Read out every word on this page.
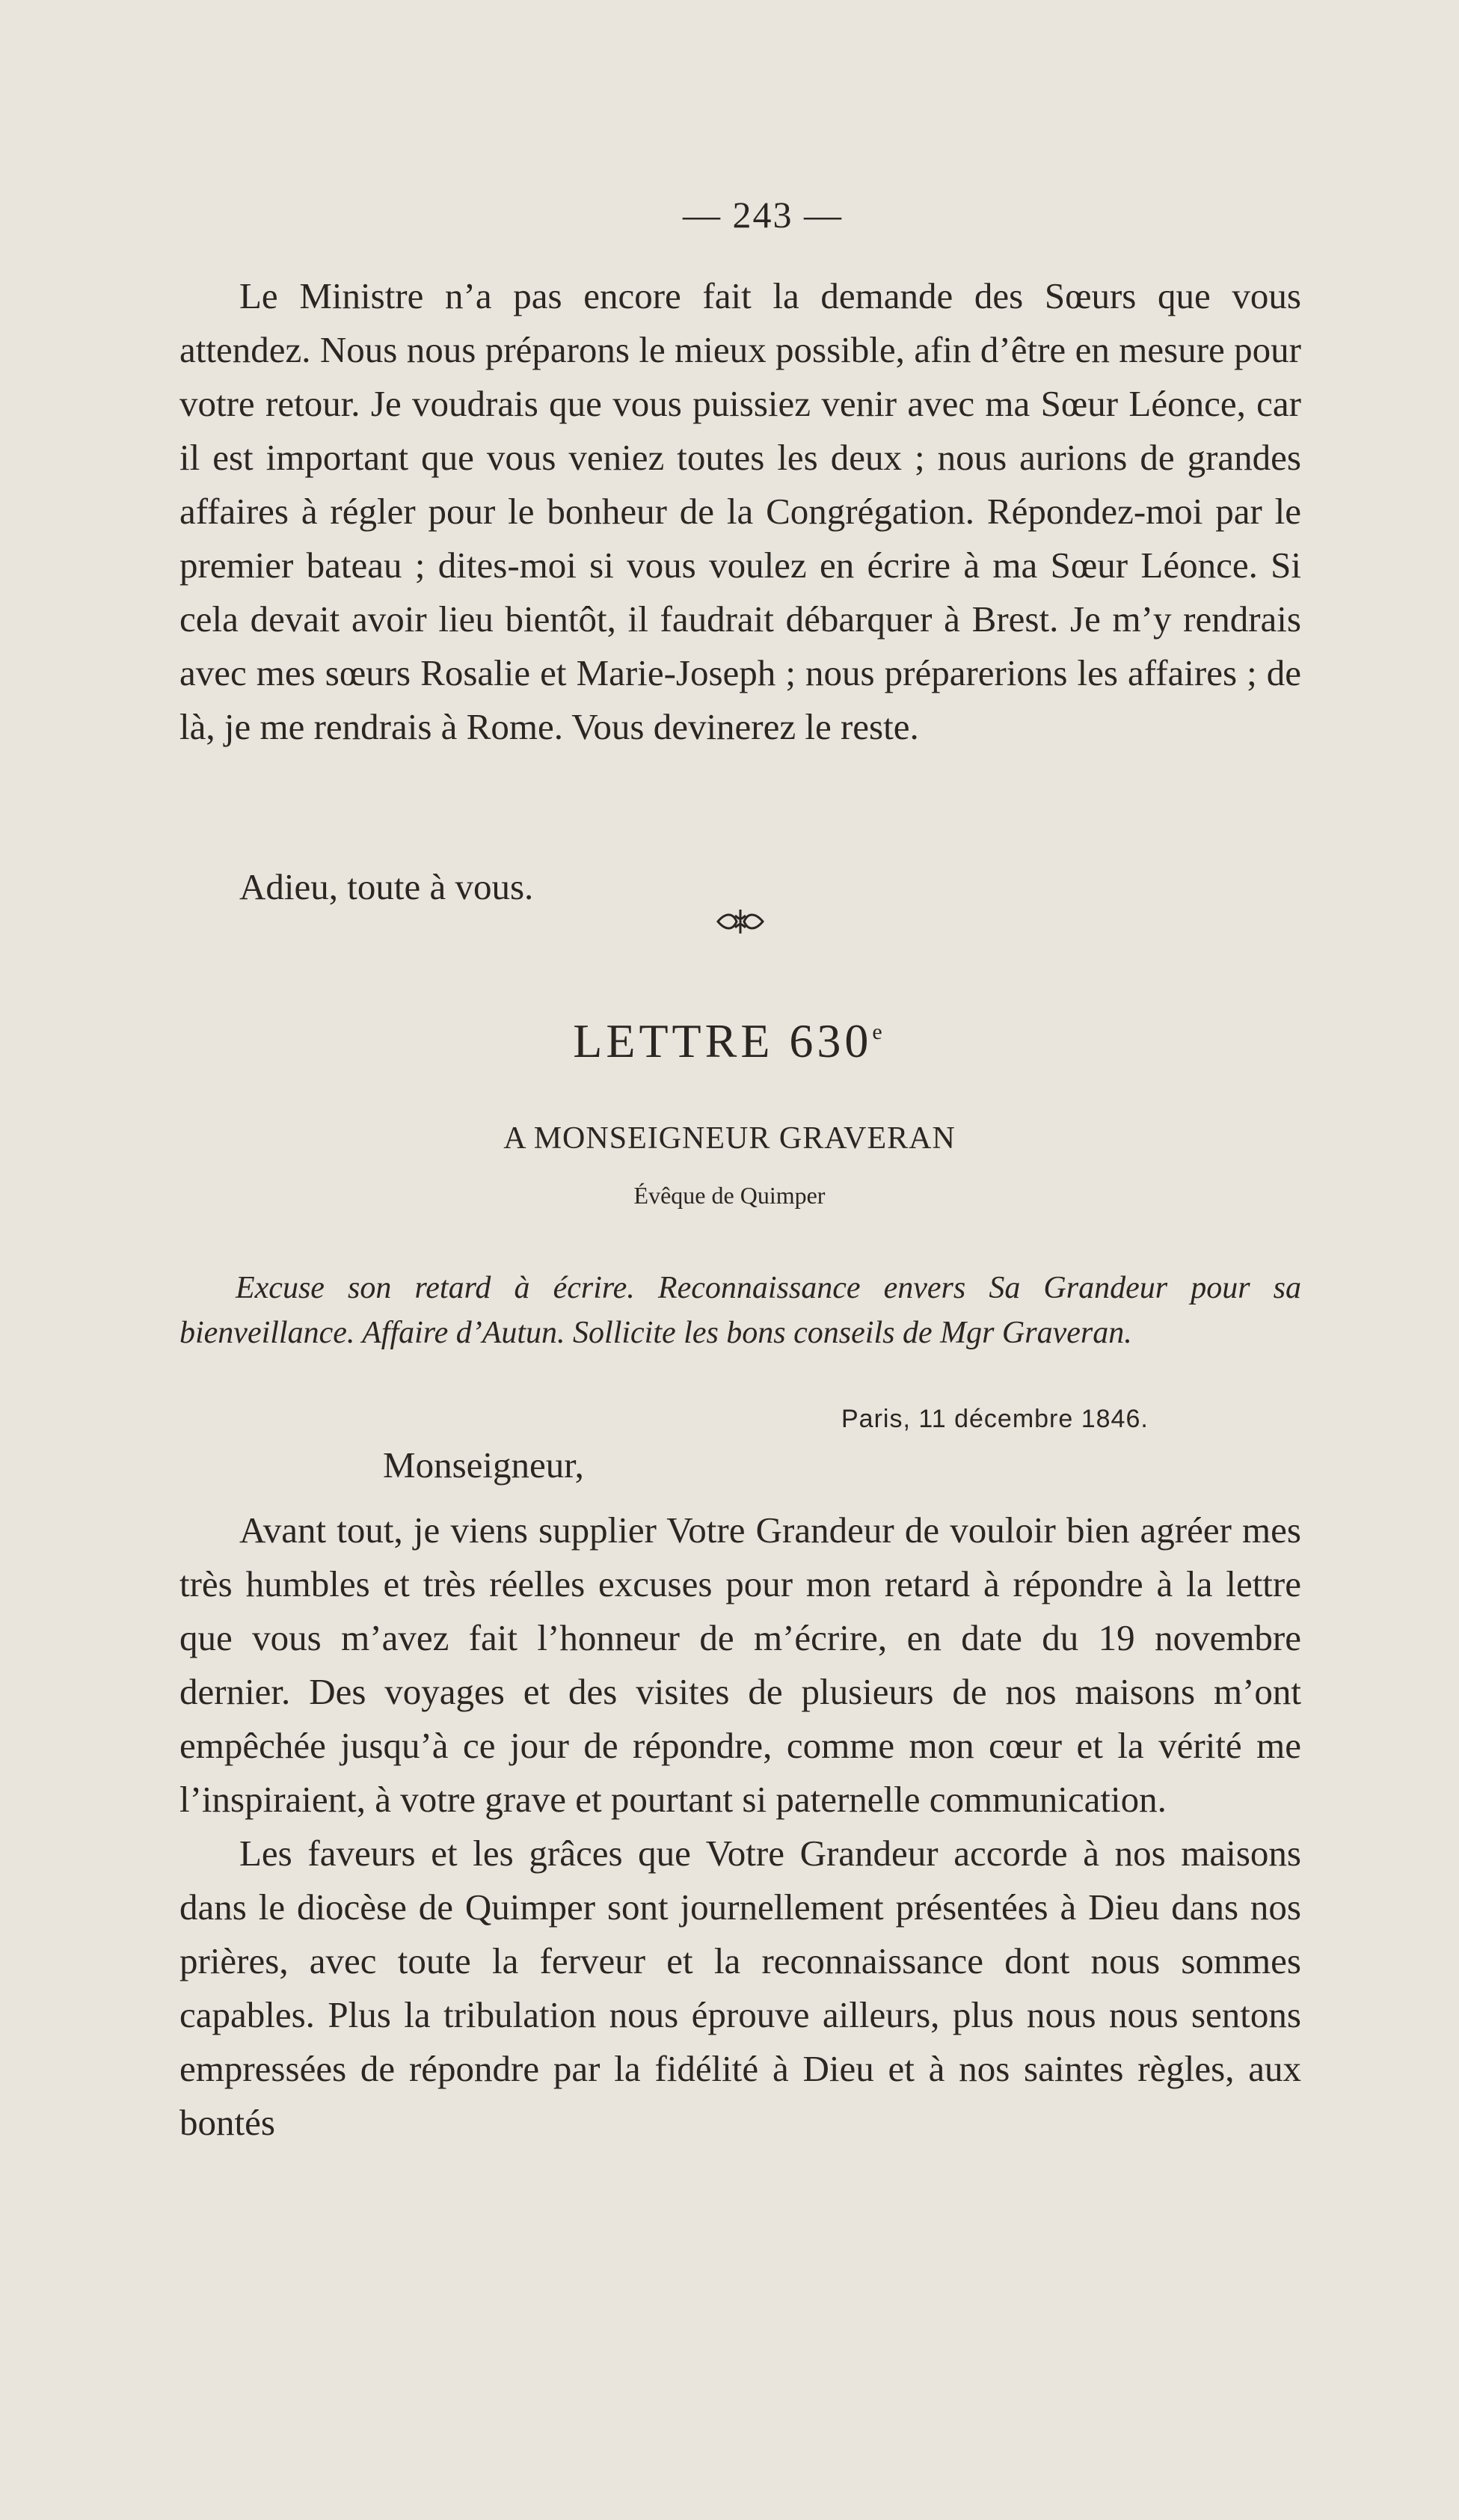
— 243 —

Le Ministre n’a pas encore fait la demande des Sœurs que vous attendez. Nous nous préparons le mieux possible, afin d’être en mesure pour votre retour. Je voudrais que vous puissiez venir avec ma Sœur Léonce, car il est important que vous veniez toutes les deux ; nous aurions de grandes affaires à régler pour le bonheur de la Congrégation. Répondez-moi par le premier bateau ; dites-moi si vous voulez en écrire à ma Sœur Léonce. Si cela devait avoir lieu bientôt, il faudrait débarquer à Brest. Je m’y rendrais avec mes sœurs Rosalie et Marie-Joseph ; nous préparerions les affaires ; de là, je me rendrais à Rome. Vous devinerez le reste.

Adieu, toute à vous.
LETTRE 630e
A MONSEIGNEUR GRAVERAN
Évêque de Quimper
Excuse son retard à écrire. Reconnaissance envers Sa Grandeur pour sa bienveillance. Affaire d’Autun. Sollicite les bons conseils de Mgr Graveran.
Paris, 11 décembre 1846.
Monseigneur,

Avant tout, je viens supplier Votre Grandeur de vouloir bien agréer mes très humbles et très réelles excuses pour mon retard à répondre à la lettre que vous m’avez fait l’honneur de m’écrire, en date du 19 novembre dernier. Des voyages et des visites de plusieurs de nos maisons m’ont empêchée jusqu’à ce jour de répondre, comme mon cœur et la vérité me l’inspiraient, à votre grave et pourtant si paternelle communication.

Les faveurs et les grâces que Votre Grandeur accorde à nos maisons dans le diocèse de Quimper sont journellement présentées à Dieu dans nos prières, avec toute la ferveur et la reconnaissance dont nous sommes capables. Plus la tribulation nous éprouve ailleurs, plus nous nous sentons empressées de répondre par la fidélité à Dieu et à nos saintes règles, aux bontés
